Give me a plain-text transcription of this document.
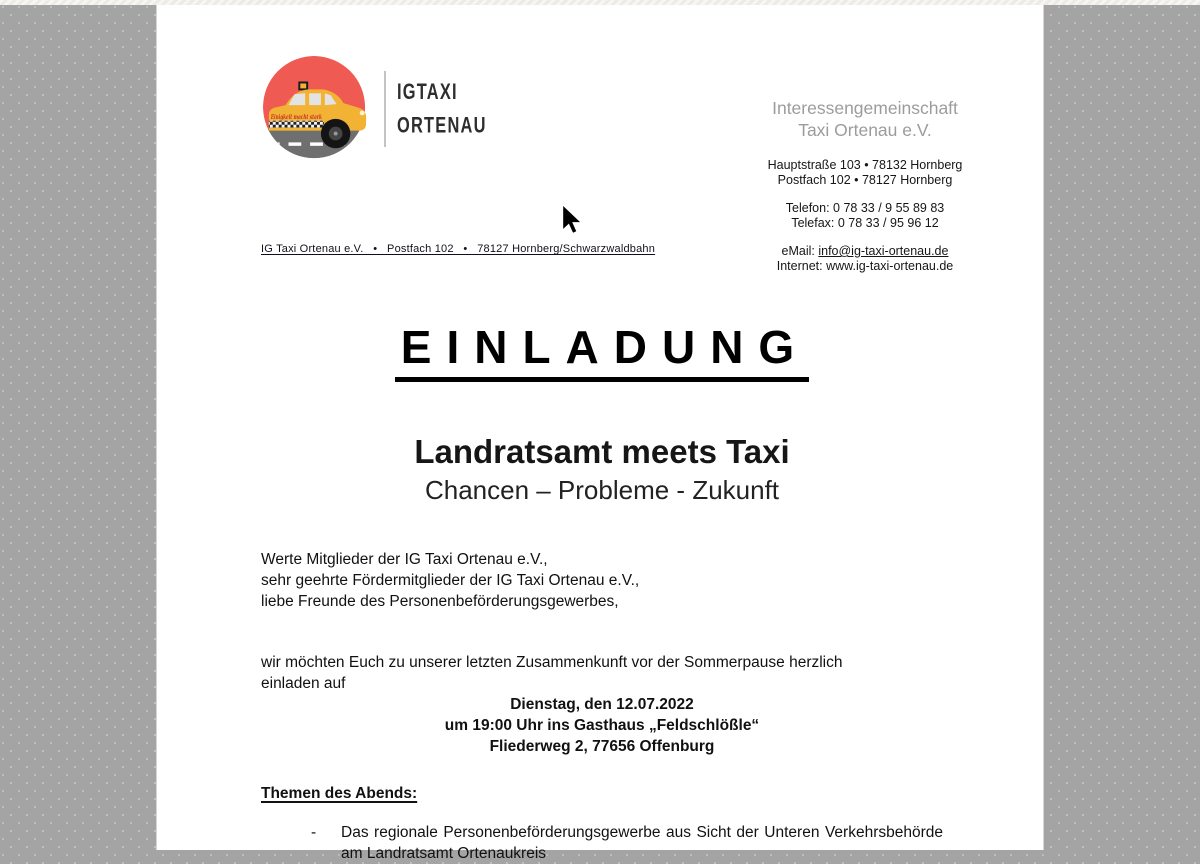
Einigkeit macht stark
IGTAXI
ORTENAU
Interessengemeinschaft
Taxi Ortenau e.V.
Hauptstraße 103 • 78132 Hornberg
Postfach 102 • 78127 Hornberg
Telefon: 0 78 33 / 9 55 89 83
Telefax: 0 78 33 / 95 96 12
eMail: info@ig-taxi-ortenau.de
Internet: www.ig-taxi-ortenau.de
IG Taxi Ortenau e.V.   •   Postfach 102   •   78127 Hornberg/Schwarzwaldbahn
EINLADUNG
Landratsamt meets Taxi
Chancen – Probleme - Zukunft
Werte Mitglieder der IG Taxi Ortenau e.V.,
sehr geehrte Fördermitglieder der IG Taxi Ortenau e.V.,
liebe Freunde des Personenbeförderungsgewerbes,
wir möchten Euch zu unserer letzten Zusammenkunft vor der Sommerpause herzlich
einladen auf
Dienstag, den 12.07.2022
um 19:00 Uhr ins Gasthaus „Feldschlößle“
Fliederweg 2, 77656 Offenburg
Themen des Abends:
-	Das regionale Personenbeförderungsgewerbe aus Sicht der Unteren Verkehrsbehörde am Landratsamt Ortenaukreis
